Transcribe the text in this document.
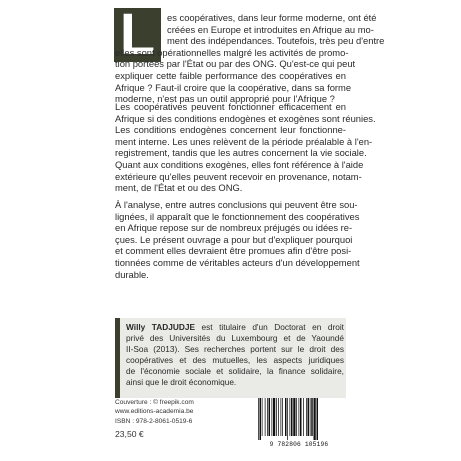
L	es coopératives, dans leur forme moderne, ont été
créées en Europe et introduites en Afrique au mo-
ment des indépendances. Toutefois, très peu d'entre
elles sont opérationnelles malgré les activités de promo-
tion portées par l'État ou par des ONG. Qu'est-ce qui peut
expliquer cette faible performance des coopératives en
Afrique ? Faut-il croire que la coopérative, dans sa forme
moderne, n'est pas un outil approprié pour l'Afrique ?
Les coopératives peuvent fonctionner efficacement en
Afrique si des conditions endogènes et exogènes sont réunies.
Les conditions endogènes concernent leur fonctionne-
ment interne. Les unes relèvent de la période préalable à l'en-
registrement, tandis que les autres concernent la vie sociale.
Quant aux conditions exogènes, elles font référence à l'aide
extérieure qu'elles peuvent recevoir en provenance, notam-
ment, de l'État et ou des ONG.
À l'analyse, entre autres conclusions qui peuvent être sou-
lignées, il apparaît que le fonctionnement des coopératives
en Afrique repose sur de nombreux préjugés ou idées re-
çues. Le présent ouvrage a pour but d'expliquer pourquoi
et comment elles devraient être promues afin d'être posi-
tionnées comme de véritables acteurs d'un développement
durable.
Willy TADJUDJE est titulaire d'un Doctorat en droit
privé des Universités du Luxembourg et de Yaoundé
II-Soa (2013). Ses recherches portent sur le droit des
coopératives et des mutuelles, les aspects juridiques
de l'économie sociale et solidaire, la finance solidaire,
ainsi que le droit économique.
Couverture : © freepik.com
www.editions-academia.be
ISBN : 978-2-8061-0519-6
23,50 €
9 782806 105196
